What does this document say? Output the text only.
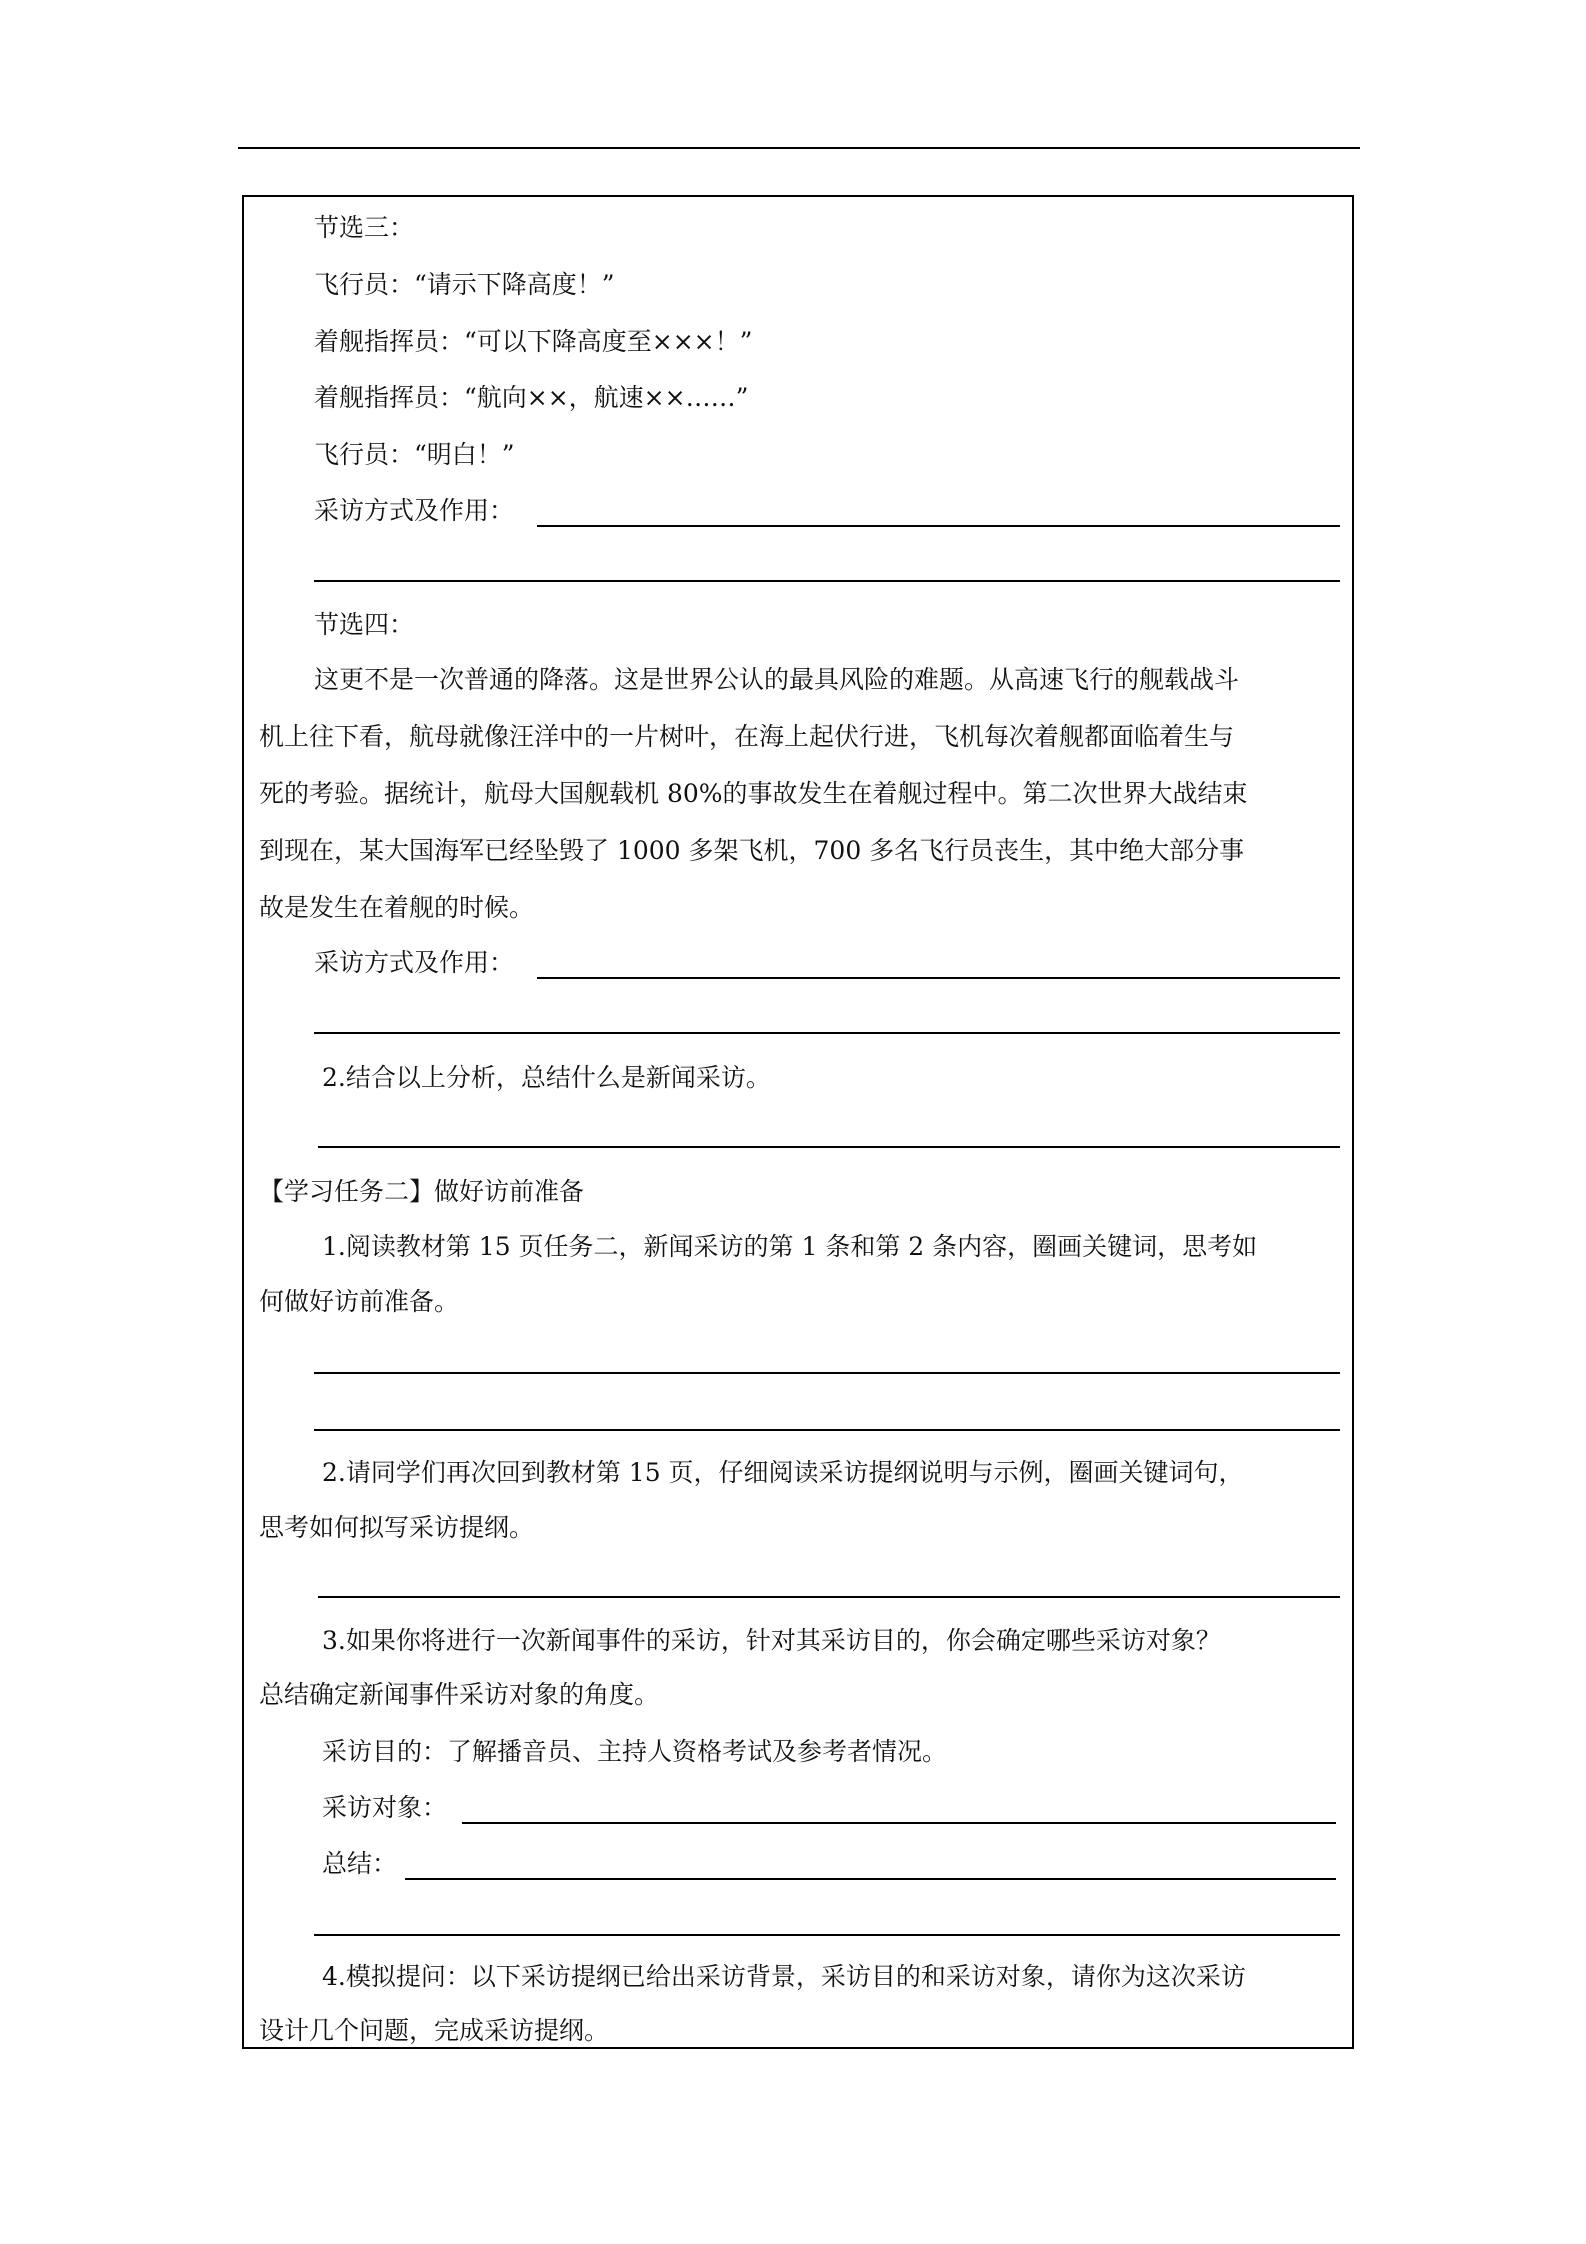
节选三：
飞行员：“请示下降高度！”
着舰指挥员：“可以下降高度至×××！”
着舰指挥员：“航向××，航速××……”
飞行员：“明白！”
采访方式及作用：
节选四：
这更不是一次普通的降落。这是世界公认的最具风险的难题。从高速飞行的舰载战斗
机上往下看，航母就像汪洋中的一片树叶，在海上起伏行进，飞机每次着舰都面临着生与
死的考验。据统计，航母大国舰载机 80%的事故发生在着舰过程中。第二次世界大战结束
到现在，某大国海军已经坠毁了 1000 多架飞机，700 多名飞行员丧生，其中绝大部分事
故是发生在着舰的时候。
采访方式及作用：
2.结合以上分析，总结什么是新闻采访。
【学习任务二】做好访前准备
1.阅读教材第 15 页任务二，新闻采访的第 1 条和第 2 条内容，圈画关键词，思考如
何做好访前准备。
2.请同学们再次回到教材第 15 页，仔细阅读采访提纲说明与示例，圈画关键词句，
思考如何拟写采访提纲。
3.如果你将进行一次新闻事件的采访，针对其采访目的，你会确定哪些采访对象？
总结确定新闻事件采访对象的角度。
采访目的：了解播音员、主持人资格考试及参考者情况。
采访对象：
总结：
4.模拟提问：以下采访提纲已给出采访背景，采访目的和采访对象，请你为这次采访
设计几个问题，完成采访提纲。
